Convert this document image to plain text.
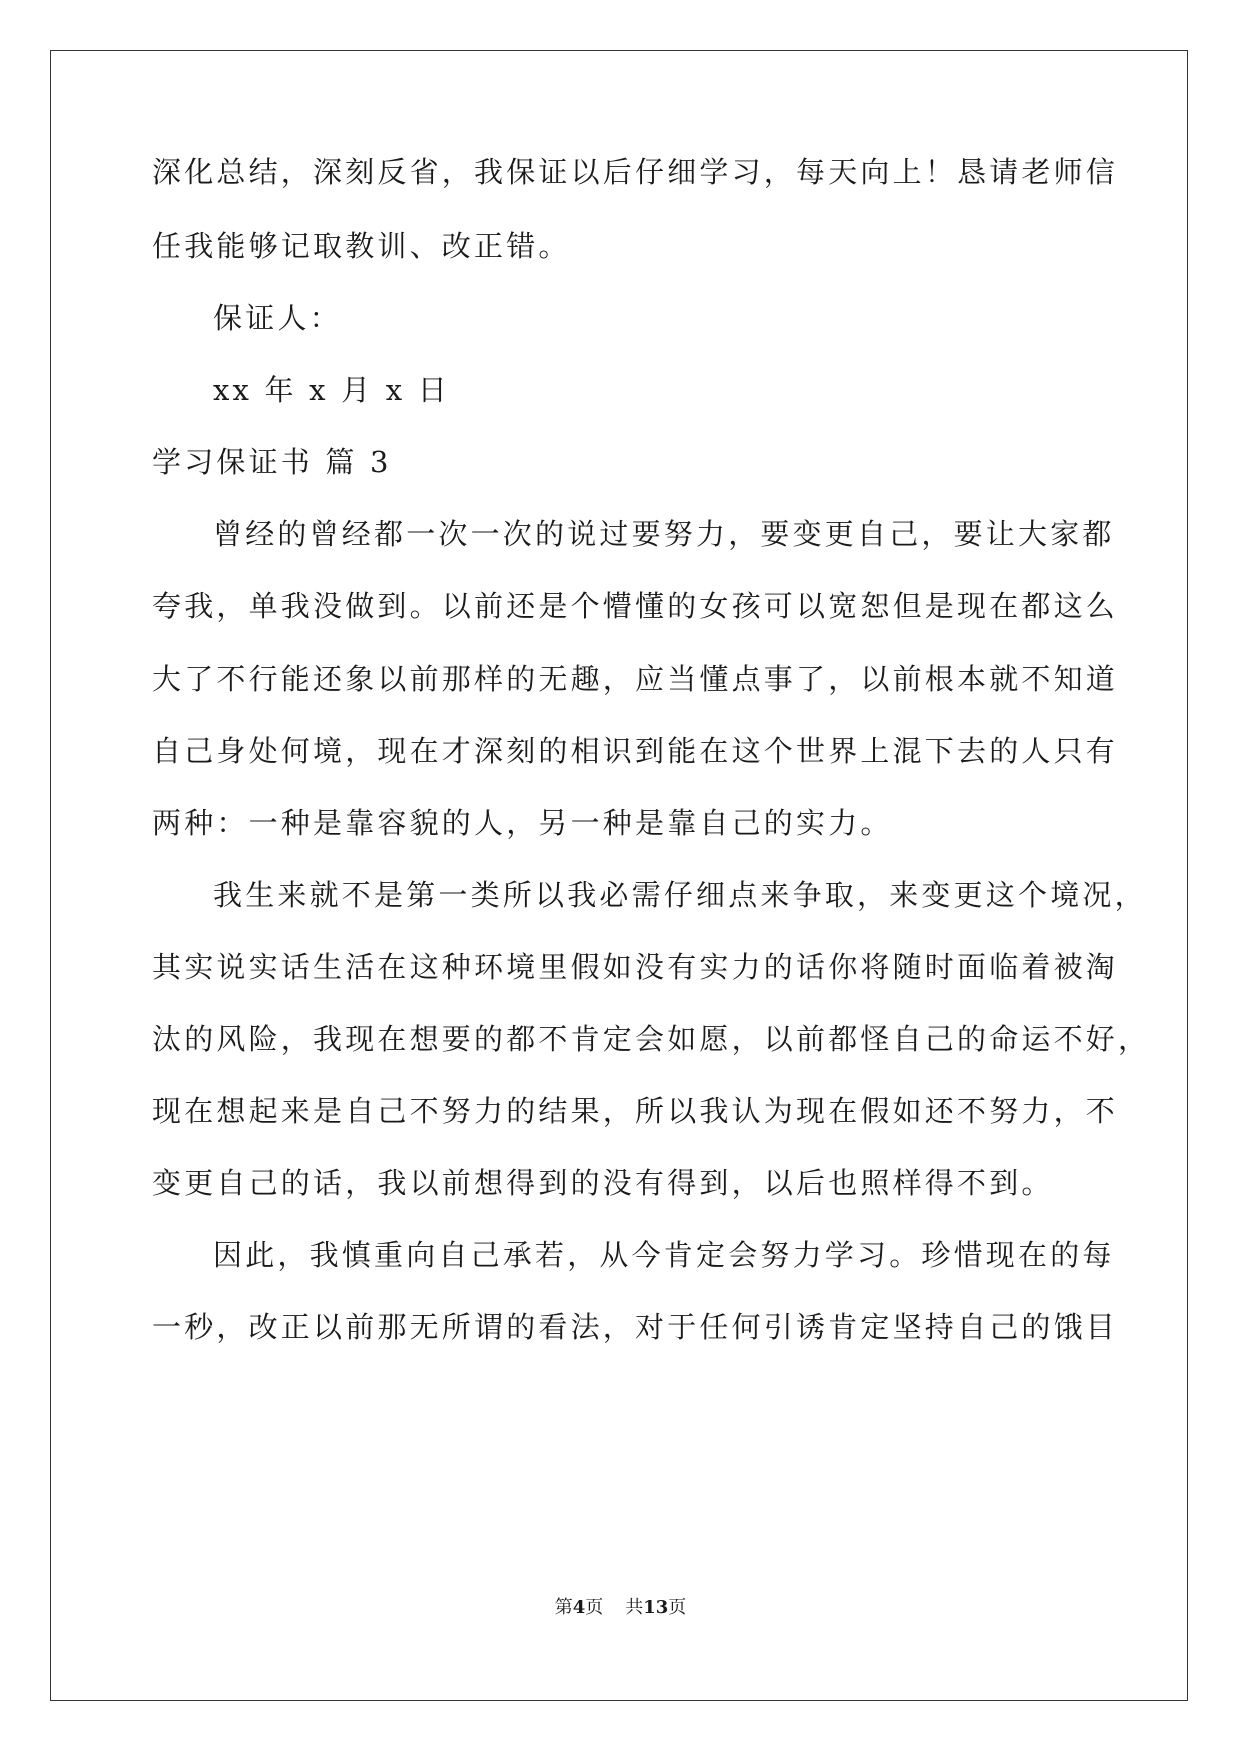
深化总结，深刻反省，我保证以后仔细学习，每天向上！恳请老师信
任我能够记取教训、改正错。
保证人：
xx 年 x 月 x 日
学习保证书 篇 3
曾经的曾经都一次一次的说过要努力，要变更自己，要让大家都
夸我，单我没做到。以前还是个懵懂的女孩可以宽恕但是现在都这么
大了不行能还象以前那样的无趣，应当懂点事了，以前根本就不知道
自己身处何境，现在才深刻的相识到能在这个世界上混下去的人只有
两种：一种是靠容貌的人，另一种是靠自己的实力。
我生来就不是第一类所以我必需仔细点来争取，来变更这个境况，
其实说实话生活在这种环境里假如没有实力的话你将随时面临着被淘
汰的风险，我现在想要的都不肯定会如愿，以前都怪自己的命运不好，
现在想起来是自己不努力的结果，所以我认为现在假如还不努力，不
变更自己的话，我以前想得到的没有得到，以后也照样得不到。
因此，我慎重向自己承若，从今肯定会努力学习。珍惜现在的每
一秒，改正以前那无所谓的看法，对于任何引诱肯定坚持自己的饿目
第4页 共13页
